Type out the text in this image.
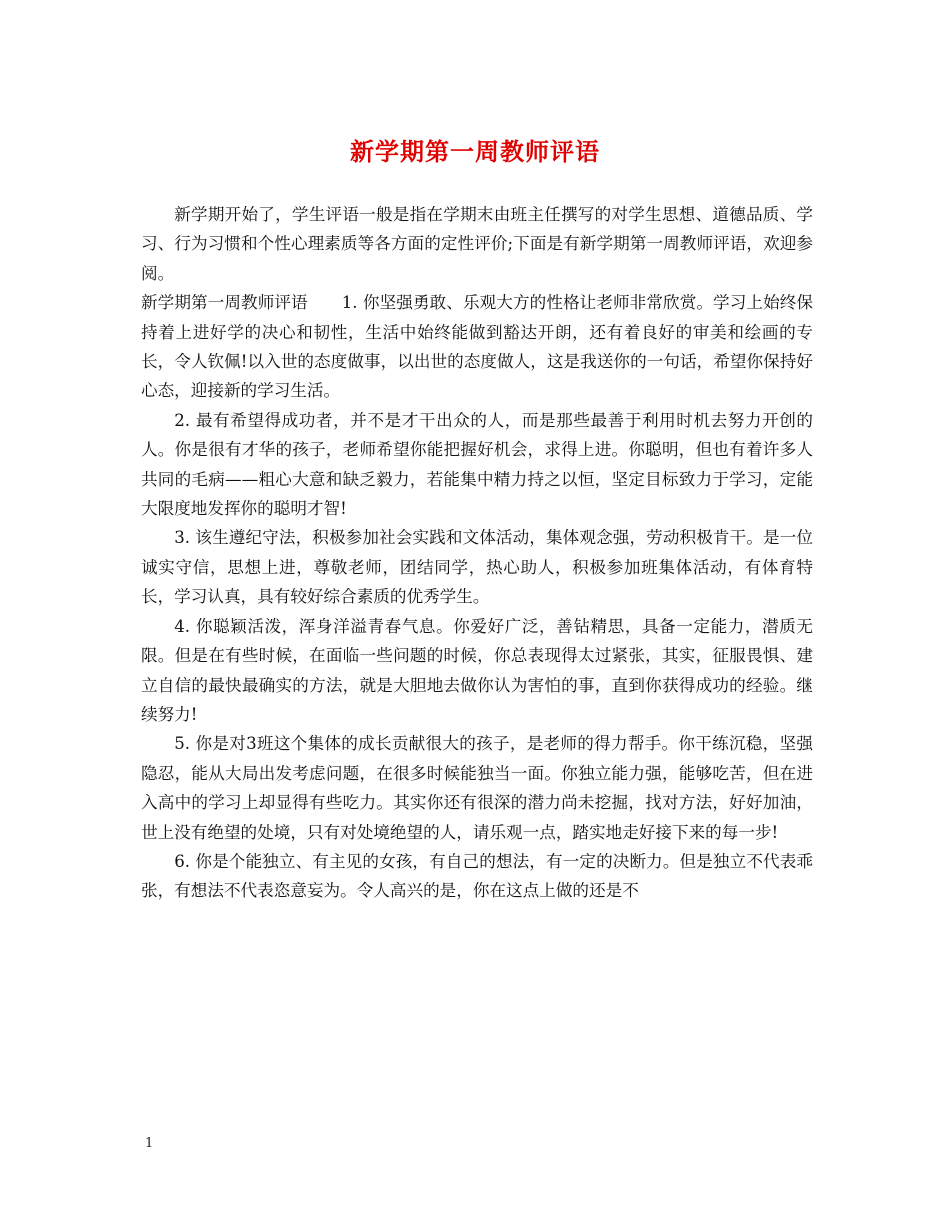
新学期第一周教师评语

新学期开始了，学生评语一般是指在学期末由班主任撰写的对学生思想、道德品质、学习、行为习惯和个性心理素质等各方面的定性评价;下面是有新学期第一周教师评语，欢迎参阅。

新学期第一周教师评语 1. 你坚强勇敢、乐观大方的性格让老师非常欣赏。学习上始终保持着上进好学的决心和韧性，生活中始终能做到豁达开朗，还有着良好的审美和绘画的专长，令人钦佩!以入世的态度做事，以出世的态度做人，这是我送你的一句话，希望你保持好心态，迎接新的学习生活。

2. 最有希望得成功者，并不是才干出众的人，而是那些最善于利用时机去努力开创的人。你是很有才华的孩子，老师希望你能把握好机会，求得上进。你聪明，但也有着许多人共同的毛病——粗心大意和缺乏毅力，若能集中精力持之以恒，坚定目标致力于学习，定能大限度地发挥你的聪明才智!

3. 该生遵纪守法，积极参加社会实践和文体活动，集体观念强，劳动积极肯干。是一位诚实守信，思想上进，尊敬老师，团结同学，热心助人，积极参加班集体活动，有体育特长，学习认真，具有较好综合素质的优秀学生。

4. 你聪颖活泼，浑身洋溢青春气息。你爱好广泛，善钻精思，具备一定能力，潜质无限。但是在有些时候，在面临一些问题的时候，你总表现得太过紧张，其实，征服畏惧、建立自信的最快最确实的方法，就是大胆地去做你认为害怕的事，直到你获得成功的经验。继续努力!

5. 你是对3班这个集体的成长贡献很大的孩子，是老师的得力帮手。你干练沉稳，坚强隐忍，能从大局出发考虑问题，在很多时候能独当一面。你独立能力强，能够吃苦，但在进入高中的学习上却显得有些吃力。其实你还有很深的潜力尚未挖掘，找对方法，好好加油，世上没有绝望的处境，只有对处境绝望的人，请乐观一点，踏实地走好接下来的每一步!

6. 你是个能独立、有主见的女孩，有自己的想法，有一定的决断力。但是独立不代表乖张，有想法不代表恣意妄为。令人高兴的是，你在这点上做的还是不

1
